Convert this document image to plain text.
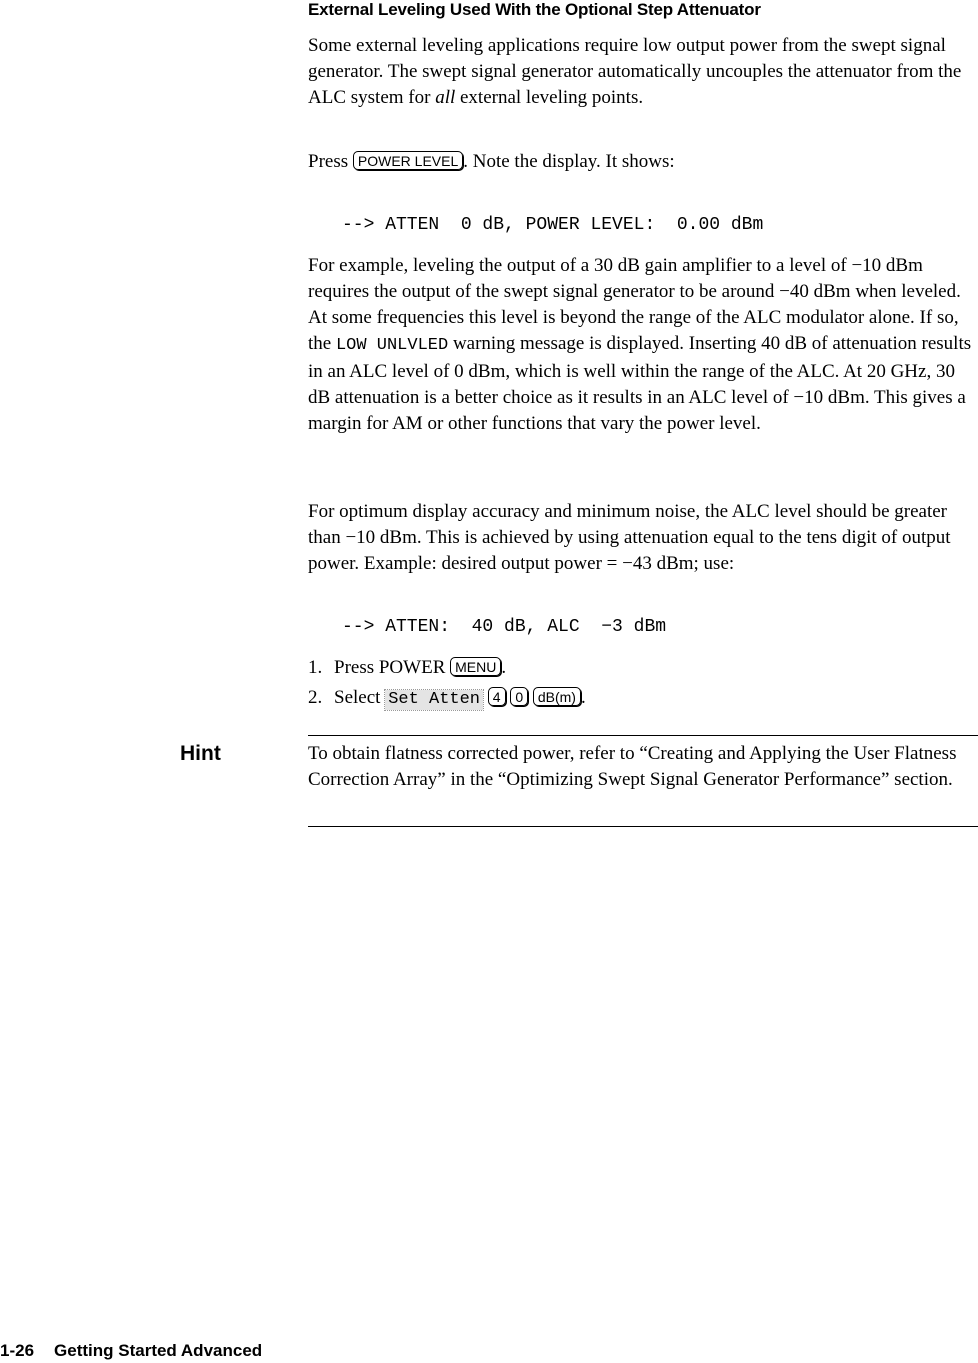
External Leveling Used With the Optional Step Attenuator

Some external leveling applications require low output power from the swept signal generator. The swept signal generator automatically uncouples the attenuator from the ALC system for all external leveling points.

Press POWER LEVEL . Note the display. It shows:

--> ATTEN  0 dB, POWER LEVEL:  0.00 dBm

For example, leveling the output of a 30 dB gain amplifier to a level of −10 dBm requires the output of the swept signal generator to be around −40 dBm when leveled. At some frequencies this level is beyond the range of the ALC modulator alone. If so, the LOW UNLVLED warning message is displayed. Inserting 40 dB of attenuation results in an ALC level of 0 dBm, which is well within the range of the ALC. At 20 GHz, 30 dB attenuation is a better choice as it results in an ALC level of −10 dBm. This gives a margin for AM or other functions that vary the power level.

For optimum display accuracy and minimum noise, the ALC level should be greater than −10 dBm. This is achieved by using attenuation equal to the tens digit of output power. Example: desired output power = −43 dBm; use:

--> ATTEN:  40 dB, ALC  −3 dBm
1. Press POWER MENU .
2. Select Set Atten 4 0 dB(m) .
Hint	To obtain flatness corrected power, refer to “Creating and Applying the User Flatness Correction Array” in the “Optimizing Swept Signal Generator Performance” section.

1-26 Getting Started Advanced
